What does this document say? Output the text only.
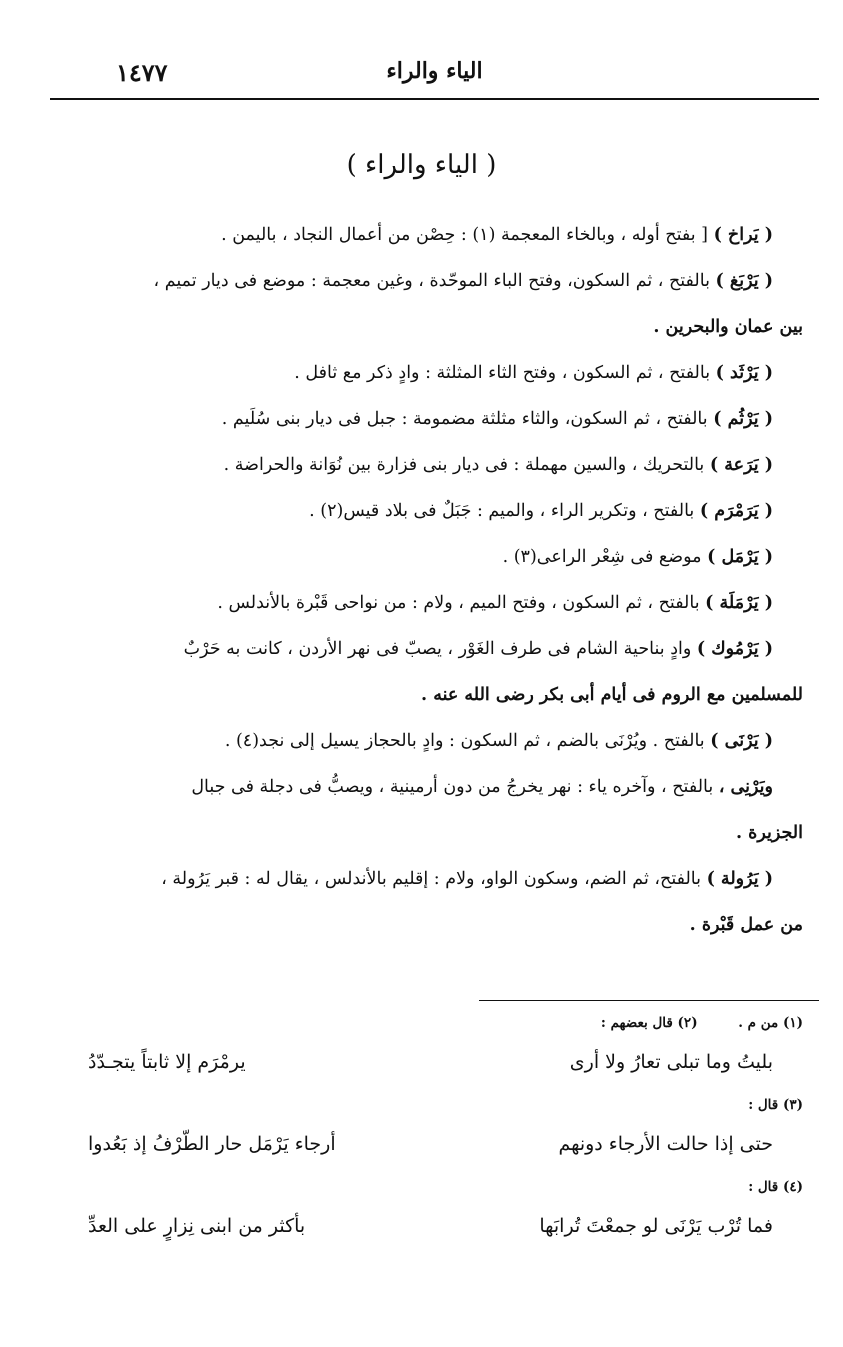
١٤٧٧	الياء والراء
( الياء والراء )

( يَراخ ) [ بفتح أوله ، وبالخاء المعجمة (١) : حِصْن من أعمال النجاد ، باليمن .

( يَرْبَغ ) بالفتح ، ثم السكون، وفتح الباء الموحّدة ، وغين معجمة : موضع فى ديار تميم ،
بين عمان والبحرين .

( يَرْثَد ) بالفتح ، ثم السكون ، وفتح الثاء المثلثة : وادٍ ذكر مع ثافل .

( يَرْثُم ) بالفتح ، ثم السكون، والثاء مثلثة مضمومة : جبل فى ديار بنى سُلَيم .

( يَرَعة ) بالتحريك ، والسين مهملة : فى ديار بنى فزارة بين نُوَانة والحراضة .

( يَرَمْرَم ) بالفتح ، وتكرير الراء ، والميم : جَبَلٌ فى بلاد قيس(٢) .

( يَرْمَل ) موضع فى شِعْر الراعى(٣) .

( يَرْمَلَة ) بالفتح ، ثم السكون ، وفتح الميم ، ولام : من نواحى قَبْرة بالأندلس .

( يَرْمُوك ) وادٍ بناحية الشام فى طرف الغَوْر ، يصبّ فى نهر الأردن ، كانت به حَرْبٌ
للمسلمين مع الروم فى أيام أبى بكر رضى الله عنه .

( يَرْنَى ) بالفتح . ويُرْنَى بالضم ، ثم السكون : وادٍ بالحجاز يسيل إلى نجد(٤) .

ويَرْنِى ، بالفتح ، وآخره ياء : نهر يخرجُ من دون أرمينية ، ويصبُّ فى دجلة فى جبال
الجزيرة .

( يَرُولة ) بالفتح، ثم الضم، وسكون الواو، ولام : إقليم بالأندلس ، يقال له : قبر يَرُولة ،
من عمل قَبْرة .

(١) من م . (٢) قال بعضهم :
بليتُ وما تبلى تعارُ ولا أرى
يرمْرَم إلا ثابتاً يتجـدّدُ
(٣) قال :
حتى إذا حالت الأرجاء دونهم
أرجاء يَرْمَل حار الطّرْفُ إذ بَعُدوا
(٤) قال :
فما تُرْب يَرْنَى لو جمعْتَ تُرابَها
بأكثر من ابنى نِزارٍ على العدِّ
